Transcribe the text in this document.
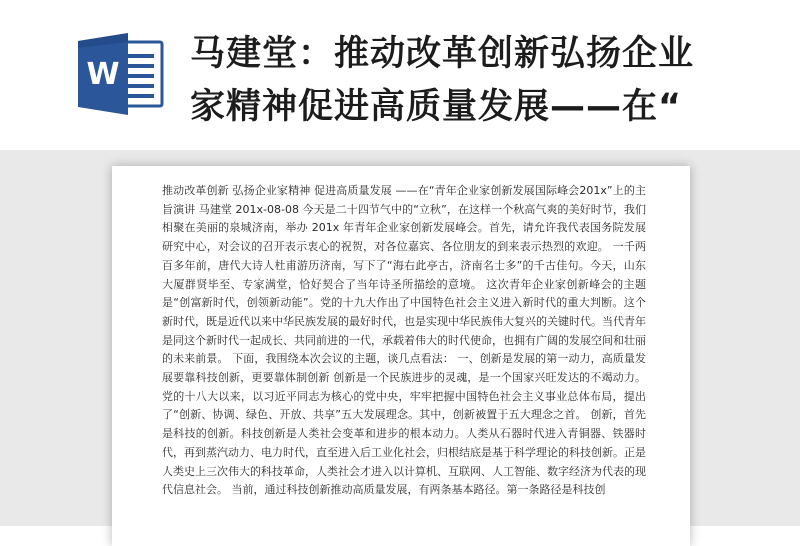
W
马建堂：推动改革创新弘扬企业
家精神促进高质量发展——在“

推动改革创新 弘扬企业家精神 促进高质量发展 ——在“青年企业家创新发展国际峰会201x”上的主旨演讲 马建堂 201x-08-08 今天是二十四节气中的“立秋”，在这样一个秋高气爽的美好时节，我们相聚在美丽的泉城济南，举办 201x 年青年企业家创新发展峰会。首先，请允许我代表国务院发展研究中心，对会议的召开表示衷心的祝贺，对各位嘉宾、各位朋友的到来表示热烈的欢迎。 一千两百多年前，唐代大诗人杜甫游历济南，写下了“海右此亭古，济南名士多”的千古佳句。今天，山东大厦群贤毕至、专家满堂，恰好契合了当年诗圣所描绘的意境。 这次青年企业家创新峰会的主题是“创富新时代，创领新动能”。党的十九大作出了中国特色社会主义进入新时代的重大判断。这个新时代，既是近代以来中华民族发展的最好时代，也是实现中华民族伟大复兴的关键时代。当代青年是同这个新时代一起成长、共同前进的一代，承载着伟大的时代使命，也拥有广阔的发展空间和壮丽的未来前景。 下面，我围绕本次会议的主题，谈几点看法： 一、创新是发展的第一动力，高质量发展要靠科技创新，更要靠体制创新 创新是一个民族进步的灵魂，是一个国家兴旺发达的不竭动力。党的十八大以来，以习近平同志为核心的党中央，牢牢把握中国特色社会主义事业总体布局，提出了“创新、协调、绿色、开放、共享”五大发展理念。其中，创新被置于五大理念之首。 创新，首先是科技的创新。科技创新是人类社会变革和进步的根本动力。人类从石器时代进入青铜器、铁器时代，再到蒸汽动力、电力时代，直至进入后工业化社会，归根结底是基于科学理论的科技创新。正是人类史上三次伟大的科技革命，人类社会才进入以计算机、互联网、人工智能、数字经济为代表的现代信息社会。 当前，通过科技创新推动高质量发展，有两条基本路径。第一条路径是科技创
